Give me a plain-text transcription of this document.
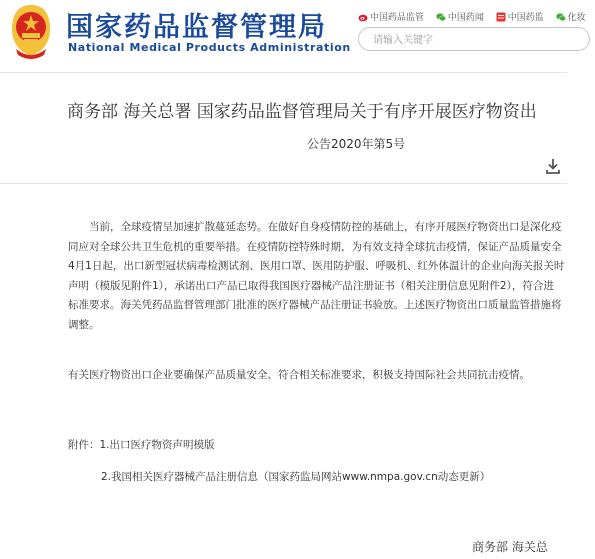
国家药品监督管理局
National Medical Products Administration
中国药品监管	中国药闻	中国药监	化妆
请输入关键字
商务部 海关总署 国家药品监督管理局关于有序开展医疗物资出
公告2020年第5号
当前，全球疫情呈加速扩散蔓延态势。在做好自身疫情防控的基础上，有序开展医疗物资出口是深化疫
同应对全球公共卫生危机的重要举措。在疫情防控特殊时期，为有效支持全球抗击疫情，保证产品质量安全
4月1日起，出口新型冠状病毒检测试剂、医用口罩、医用防护服、呼吸机、红外体温计的企业向海关报关时
声明（模版见附件1），承诺出口产品已取得我国医疗器械产品注册证书（相关注册信息见附件2），符合进
标准要求。海关凭药品监督管理部门批准的医疗器械产品注册证书验放。上述医疗物资出口质量监管措施将
调整。
有关医疗物资出口企业要确保产品质量安全、符合相关标准要求，积极支持国际社会共同抗击疫情。
附件：1.出口医疗物资声明模版
2.我国相关医疗器械产品注册信息（国家药监局网站www.nmpa.gov.cn动态更新）
商务部 海关总
